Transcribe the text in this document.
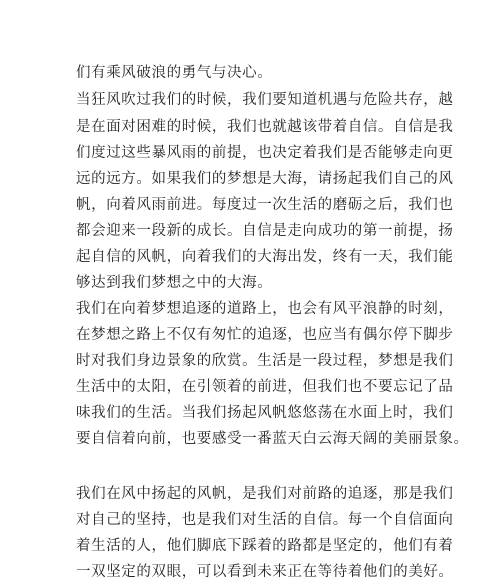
们有乘风破浪的勇气与决心。
当狂风吹过我们的时候，我们要知道机遇与危险共存，越
是在面对困难的时候，我们也就越该带着自信。自信是我
们度过这些暴风雨的前提，也决定着我们是否能够走向更
远的远方。如果我们的梦想是大海，请扬起我们自己的风
帆，向着风雨前进。每度过一次生活的磨砺之后，我们也
都会迎来一段新的成长。自信是走向成功的第一前提，扬
起自信的风帆，向着我们的大海出发，终有一天，我们能
够达到我们梦想之中的大海。
我们在向着梦想追逐的道路上，也会有风平浪静的时刻，
在梦想之路上不仅有匆忙的追逐，也应当有偶尔停下脚步
时对我们身边景象的欣赏。生活是一段过程，梦想是我们
生活中的太阳，在引领着的前进，但我们也不要忘记了品
味我们的生活。当我们扬起风帆悠悠荡在水面上时，我们
要自信着向前，也要感受一番蓝天白云海天阔的美丽景象。
我们在风中扬起的风帆，是我们对前路的追逐，那是我们
对自己的坚持，也是我们对生活的自信。每一个自信面向
着生活的人，他们脚底下踩着的路都是坚定的，他们有着
一双坚定的双眼，可以看到未来正在等待着他们的美好。
